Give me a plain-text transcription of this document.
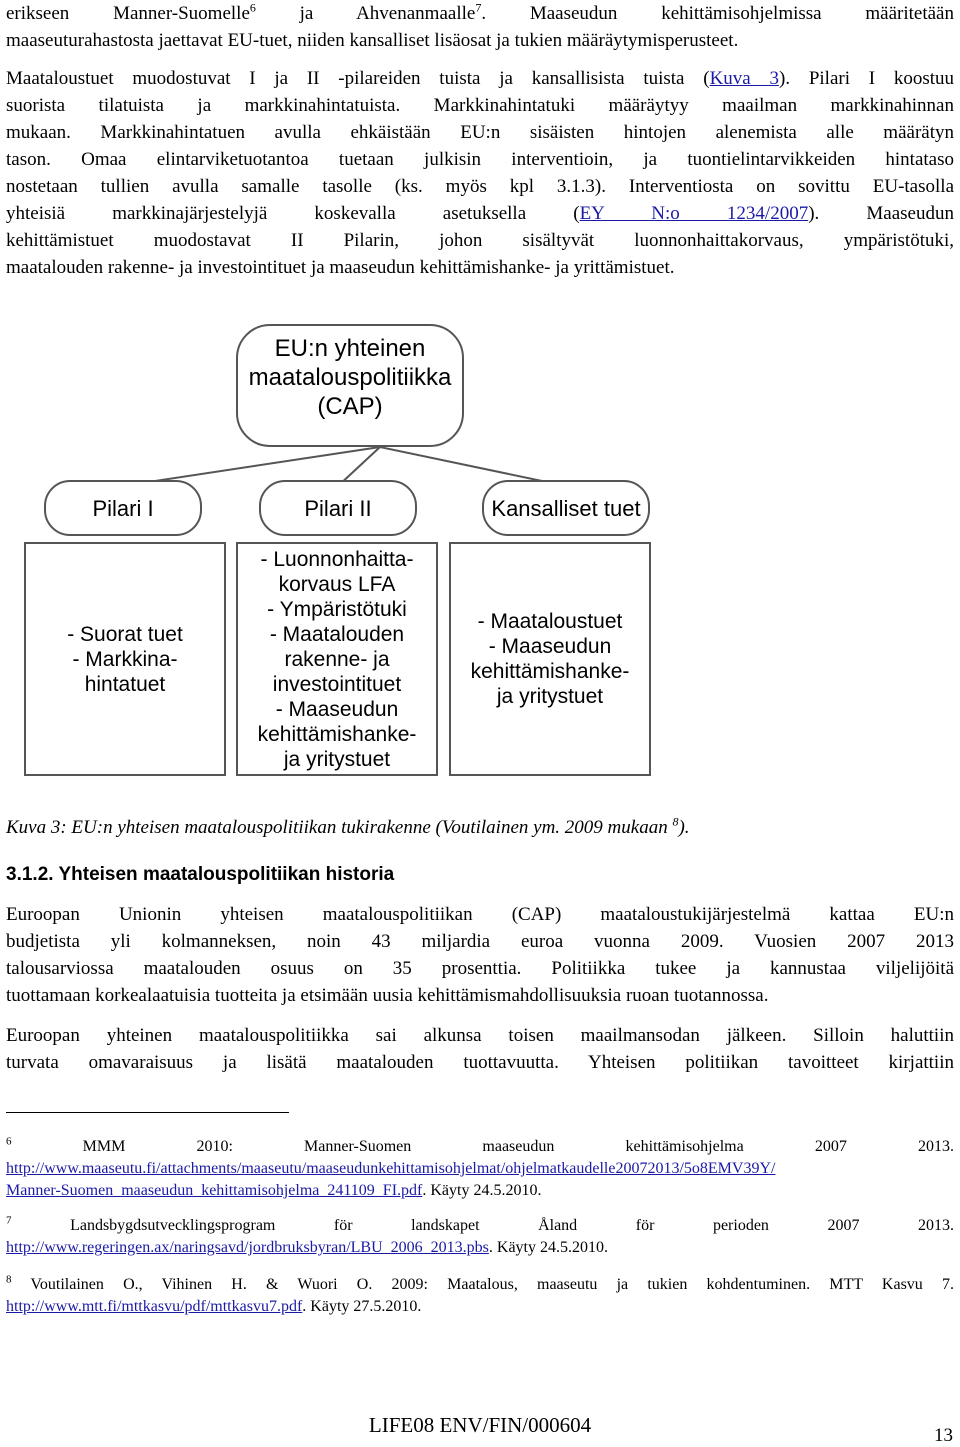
erikseen Manner-Suomelle$^6$ ja Ahvenanmaalle$^7$. Maaseudun kehittämisohjelmissa määritetään
maaseuturahastosta jaettavat EU-tuet, niiden kansalliset lisäosat ja tukien määräytymisperusteet.
Maataloustuet muodostuvat I ja II -pilareiden tuista ja kansallisista tuista (Kuva 3). Pilari I koostuu
suorista tilatuista ja markkinahintatuista. Markkinahintatuki määräytyy maailman markkinahinnan
mukaan. Markkinahintatuen avulla ehkäistään EU:n sisäisten hintojen alenemista alle määrätyn
tason. Omaa elintarviketuotantoa tuetaan julkisin interventioin, ja tuontielintarvikkeiden hintataso
nostetaan tullien avulla samalle tasolle (ks. myös kpl 3.1.3). Interventiosta on sovittu EU-tasolla
yhteisiä markkinajärjestelyjä koskevalla asetuksella (EY N:o 1234/2007). Maaseudun
kehittämistuet muodostavat II Pilarin, johon sisältyvät luonnonhaittakorvaus, ympäristötuki,
maatalouden rakenne- ja investointituet ja maaseudun kehittämishanke- ja yrittämistuet.
EU:n yhteinen
maatalouspolitiikka
(CAP)
Pilari I	Pilari II	Kansalliset tuet
- Suorat tuet
- Markkina-
hintatuet
- Luonnonhaitta-
korvaus LFA
- Ympäristötuki
- Maatalouden
rakenne- ja
investointituet
- Maaseudun
kehittämishanke-
ja yritystuet
- Maataloustuet
- Maaseudun
kehittämishanke-
ja yritystuet
Kuva 3: EU:n yhteisen maatalouspolitiikan tukirakenne (Voutilainen ym. 2009 mukaan $^8$).
3.1.2. Yhteisen maatalouspolitiikan historia
Euroopan Unionin yhteisen maatalouspolitiikan (CAP) maataloustukijärjestelmä kattaa EU:n
budjetista yli kolmanneksen, noin 43 miljardia euroa vuonna 2009. Vuosien 2007 2013
talousarviossa maatalouden osuus on 35 prosenttia. Politiikka tukee ja kannustaa viljelijöitä
tuottamaan korkealaatuisia tuotteita ja etsimään uusia kehittämismahdollisuuksia ruoan tuotannossa.
Euroopan yhteinen maatalouspolitiikka sai alkunsa toisen maailmansodan jälkeen. Silloin haluttiin
turvata omavaraisuus ja lisätä maatalouden tuottavuutta. Yhteisen politiikan tavoitteet kirjattiin
$^6$	MMM 2010: Manner-Suomen maaseudun kehittämisohjelma 2007 2013.
http://www.maaseutu.fi/attachments/maaseutu/maaseudunkehittamisohjelmat/ohjelmatkaudelle20072013/5o8EMV39Y/
Manner-Suomen_maaseudun_kehittamisohjelma_241109_FI.pdf. Käyty 24.5.2010.
$^7$	Landsbygdsutvecklingsprogram för landskapet Åland för perioden 2007 2013.
http://www.regeringen.ax/naringsavd/jordbruksbyran/LBU_2006_2013.pbs. Käyty 24.5.2010.
$^8$ Voutilainen O., Vihinen H. & Wuori O. 2009: Maatalous, maaseutu ja tukien kohdentuminen. MTT Kasvu 7.
http://www.mtt.fi/mttkasvu/pdf/mttkasvu7.pdf. Käyty 27.5.2010.
LIFE08 ENV/FIN/000604	13
